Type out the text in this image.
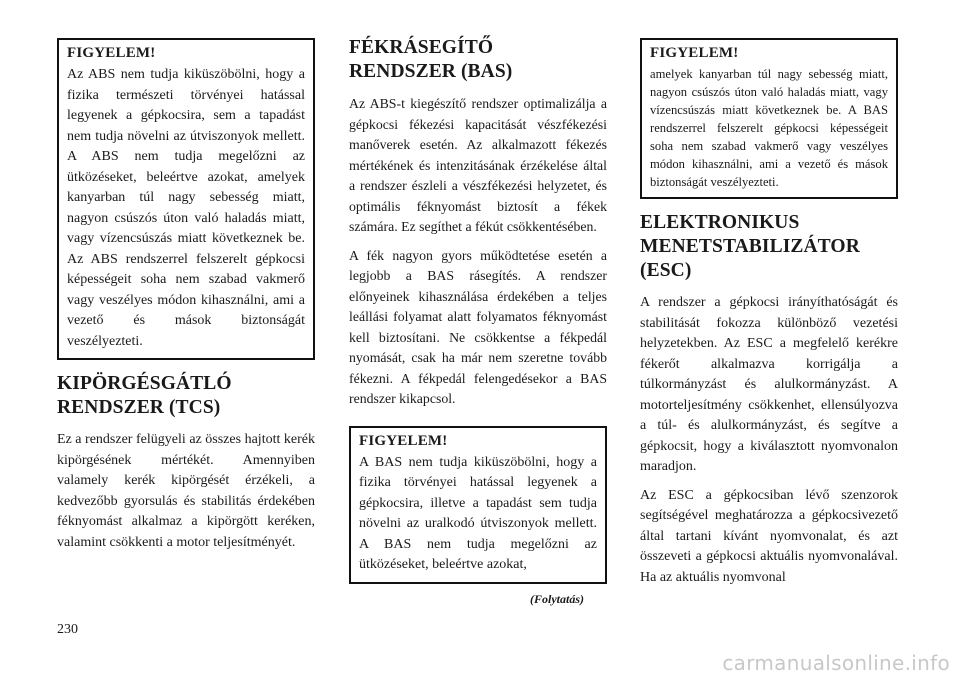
FIGYELEM!

Az ABS nem tudja kiküszöbölni, hogy a fizika természeti törvényei hatással legyenek a gépkocsira, sem a tapadást nem tudja növelni az útviszonyok mellett. A ABS nem tudja megelőzni az ütközéseket, beleértve azokat, amelyek kanyarban túl nagy sebesség miatt, nagyon csúszós úton való haladás miatt, vagy vízencsúszás miatt következnek be. Az ABS rendszerrel felszerelt gépkocsi képességeit soha nem szabad vakmerő vagy veszélyes módon kihasználni, ami a vezető és mások biztonságát veszélyezteti.

KIPÖRGÉSGÁTLÓ
RENDSZER (TCS)

Ez a rendszer felügyeli az összes hajtott kerék kipörgésének mértékét. Amennyiben valamely kerék kipörgését érzékeli, a kedvezőbb gyorsulás és stabilitás érdekében féknyomást alkalmaz a kipörgött keréken, valamint csökkenti a motor teljesítményét.

FÉKRÁSEGÍTŐ
RENDSZER (BAS)

Az ABS-t kiegészítő rendszer optimalizálja a gépkocsi fékezési kapacitását vészfékezési manőverek esetén. Az alkalmazott fékezés mértékének és intenzitásának érzékelése által a rendszer észleli a vészfékezési helyzetet, és optimális féknyomást biztosít a fékek számára. Ez segíthet a fékút csökkentésében.

A fék nagyon gyors működtetése esetén a legjobb a BAS rásegítés. A rendszer előnyeinek kihasználása érdekében a teljes leállási folyamat alatt folyamatos féknyomást kell biztosítani. Ne csökkentse a fékpedál nyomását, csak ha már nem szeretne tovább fékezni. A fékpedál felengedésekor a BAS rendszer kikapcsol.

FIGYELEM!

A BAS nem tudja kiküszöbölni, hogy a fizika törvényei hatással legyenek a gépkocsira, illetve a tapadást sem tudja növelni az uralkodó útviszonyok mellett. A BAS nem tudja megelőzni az ütközéseket, beleértve azokat,

(Folytatás)

FIGYELEM!

amelyek kanyarban túl nagy sebesség miatt, nagyon csúszós úton való haladás miatt, vagy vízencsúszás miatt következnek be. A BAS rendszerrel felszerelt gépkocsi képességeit soha nem szabad vakmerő vagy veszélyes módon kihasználni, ami a vezető és mások biztonságát veszélyezteti.

ELEKTRONIKUS
MENETSTABILIZÁTOR
(ESC)

A rendszer a gépkocsi irányíthatóságát és stabilitását fokozza különböző vezetési helyzetekben. Az ESC a megfelelő kerékre fékerőt alkalmazva korrigálja a túlkormányzást és alulkormányzást. A motorteljesítmény csökkenhet, ellensúlyozva a túl- és alulkormányzást, és segítve a gépkocsit, hogy a kiválasztott nyomvonalon maradjon.

Az ESC a gépkocsiban lévő szenzorok segítségével meghatározza a gépkocsivezető által tartani kívánt nyomvonalat, és azt összeveti a gépkocsi aktuális nyomvonalával. Ha az aktuális nyomvonal

230
carmanualsonline.info
